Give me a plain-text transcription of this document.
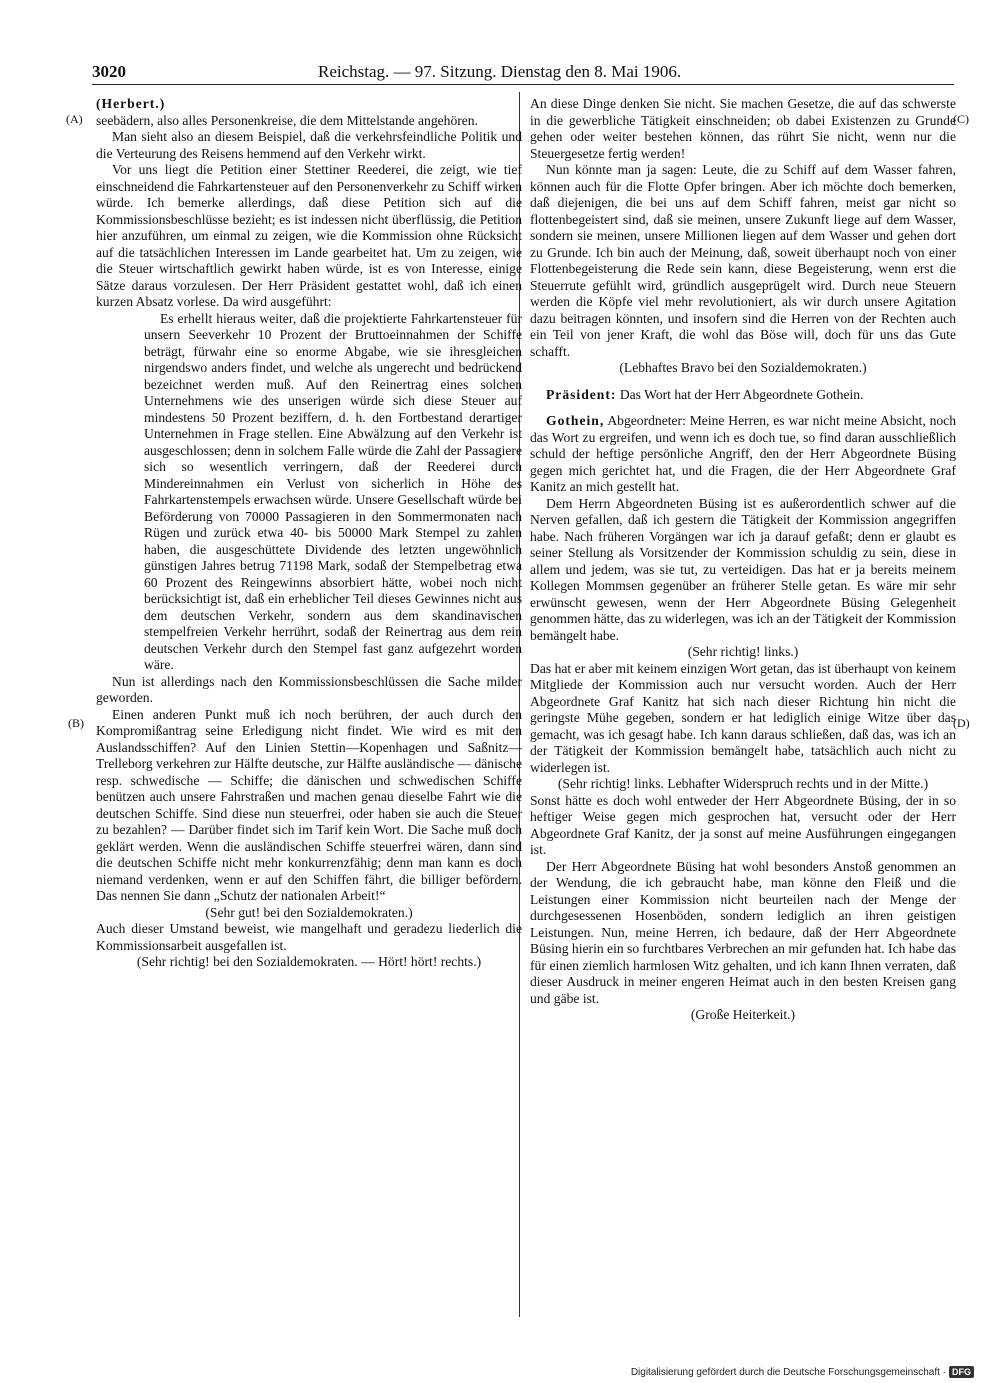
3020	Reichstag. — 97. Sitzung. Dienstag den 8. Mai 1906.
(A)
(B)
(C)
(D)

(Herbert.)

seebädern, also alles Personenkreise, die dem Mittelstande angehören.

Man sieht also an diesem Beispiel, daß die verkehrsfeindliche Politik und die Verteurung des Reisens hemmend auf den Verkehr wirkt.

Vor uns liegt die Petition einer Stettiner Reederei, die zeigt, wie tief einschneidend die Fahrkartensteuer auf den Personenverkehr zu Schiff wirken würde. Ich bemerke allerdings, daß diese Petition sich auf die Kommissionsbeschlüsse bezieht; es ist indessen nicht überflüssig, die Petition hier anzuführen, um einmal zu zeigen, wie die Kommission ohne Rücksicht auf die tatsächlichen Interessen im Lande gearbeitet hat. Um zu zeigen, wie die Steuer wirtschaftlich gewirkt haben würde, ist es von Interesse, einige Sätze daraus vorzulesen. Der Herr Präsident gestattet wohl, daß ich einen kurzen Absatz vorlese. Da wird ausgeführt:

Es erhellt hieraus weiter, daß die projektierte Fahrkartensteuer für unsern Seeverkehr 10 Prozent der Bruttoeinnahmen der Schiffe beträgt, fürwahr eine so enorme Abgabe, wie sie ihresgleichen nirgendswo anders findet, und welche als ungerecht und bedrückend bezeichnet werden muß. Auf den Reinertrag eines solchen Unternehmens wie des unserigen würde sich diese Steuer auf mindestens 50 Prozent beziffern, d. h. den Fortbestand derartiger Unternehmen in Frage stellen. Eine Abwälzung auf den Verkehr ist ausgeschlossen; denn in solchem Falle würde die Zahl der Passagiere sich so wesentlich verringern, daß der Reederei durch Mindereinnahmen ein Verlust von sicherlich in Höhe des Fahrkartenstempels erwachsen würde. Unsere Gesellschaft würde bei Beförderung von 70000 Passagieren in den Sommermonaten nach Rügen und zurück etwa 40- bis 50000 Mark Stempel zu zahlen haben, die ausgeschüttete Dividende des letzten ungewöhnlich günstigen Jahres betrug 71198 Mark, sodaß der Stempelbetrag etwa 60 Prozent des Reingewinns absorbiert hätte, wobei noch nicht berücksichtigt ist, daß ein erheblicher Teil dieses Gewinnes nicht aus dem deutschen Verkehr, sondern aus dem skandinavischen stempelfreien Verkehr herrührt, sodaß der Reinertrag aus dem rein deutschen Verkehr durch den Stempel fast ganz aufgezehrt worden wäre.

Nun ist allerdings nach den Kommissionsbeschlüssen die Sache milder geworden.

Einen anderen Punkt muß ich noch berühren, der auch durch den Kompromißantrag seine Erledigung nicht findet. Wie wird es mit den Auslandsschiffen? Auf den Linien Stettin—Kopenhagen und Saßnitz—Trelleborg verkehren zur Hälfte deutsche, zur Hälfte ausländische — dänische resp. schwedische — Schiffe; die dänischen und schwedischen Schiffe benützen auch unsere Fahrstraßen und machen genau dieselbe Fahrt wie die deutschen Schiffe. Sind diese nun steuerfrei, oder haben sie auch die Steuer zu bezahlen? — Darüber findet sich im Tarif kein Wort. Die Sache muß doch geklärt werden. Wenn die ausländischen Schiffe steuerfrei wären, dann sind die deutschen Schiffe nicht mehr konkurrenzfähig; denn man kann es doch niemand verdenken, wenn er auf den Schiffen fährt, die billiger befördern. Das nennen Sie dann „Schutz der nationalen Arbeit!“

(Sehr gut! bei den Sozialdemokraten.)

Auch dieser Umstand beweist, wie mangelhaft und geradezu liederlich die Kommissionsarbeit ausgefallen ist.

(Sehr richtig! bei den Sozialdemokraten. — Hört! hört! rechts.)

An diese Dinge denken Sie nicht. Sie machen Gesetze, die auf das schwerste in die gewerbliche Tätigkeit einschneiden; ob dabei Existenzen zu Grunde gehen oder weiter bestehen können, das rührt Sie nicht, wenn nur die Steuergesetze fertig werden!

Nun könnte man ja sagen: Leute, die zu Schiff auf dem Wasser fahren, können auch für die Flotte Opfer bringen. Aber ich möchte doch bemerken, daß diejenigen, die bei uns auf dem Schiff fahren, meist gar nicht so flottenbegeistert sind, daß sie meinen, unsere Zukunft liege auf dem Wasser, sondern sie meinen, unsere Millionen liegen auf dem Wasser und gehen dort zu Grunde. Ich bin auch der Meinung, daß, soweit überhaupt noch von einer Flottenbegeisterung die Rede sein kann, diese Begeisterung, wenn erst die Steuerrute gefühlt wird, gründlich ausgeprügelt wird. Durch neue Steuern werden die Köpfe viel mehr revolutioniert, als wir durch unsere Agitation dazu beitragen könnten, und insofern sind die Herren von der Rechten auch ein Teil von jener Kraft, die wohl das Böse will, doch für uns das Gute schafft.

(Lebhaftes Bravo bei den Sozialdemokraten.)

Präsident: Das Wort hat der Herr Abgeordnete Gothein.

Gothein, Abgeordneter: Meine Herren, es war nicht meine Absicht, noch das Wort zu ergreifen, und wenn ich es doch tue, so find daran ausschließlich schuld der heftige persönliche Angriff, den der Herr Abgeordnete Büsing gegen mich gerichtet hat, und die Fragen, die der Herr Abgeordnete Graf Kanitz an mich gestellt hat.

Dem Herrn Abgeordneten Büsing ist es außerordentlich schwer auf die Nerven gefallen, daß ich gestern die Tätigkeit der Kommission angegriffen habe. Nach früheren Vorgängen war ich ja darauf gefaßt; denn er glaubt es seiner Stellung als Vorsitzender der Kommission schuldig zu sein, diese in allem und jedem, was sie tut, zu verteidigen. Das hat er ja bereits meinem Kollegen Mommsen gegenüber an früherer Stelle getan. Es wäre mir sehr erwünscht gewesen, wenn der Herr Abgeordnete Büsing Gelegenheit genommen hätte, das zu widerlegen, was ich an der Tätigkeit der Kommission bemängelt habe.

(Sehr richtig! links.)

Das hat er aber mit keinem einzigen Wort getan, das ist überhaupt von keinem Mitgliede der Kommission auch nur versucht worden. Auch der Herr Abgeordnete Graf Kanitz hat sich nach dieser Richtung hin nicht die geringste Mühe gegeben, sondern er hat lediglich einige Witze über das gemacht, was ich gesagt habe. Ich kann daraus schließen, daß das, was ich an der Tätigkeit der Kommission bemängelt habe, tatsächlich auch nicht zu widerlegen ist.

(Sehr richtig! links. Lebhafter Widerspruch rechts und in der Mitte.)

Sonst hätte es doch wohl entweder der Herr Abgeordnete Büsing, der in so heftiger Weise gegen mich gesprochen hat, versucht oder der Herr Abgeordnete Graf Kanitz, der ja sonst auf meine Ausführungen eingegangen ist.

Der Herr Abgeordnete Büsing hat wohl besonders Anstoß genommen an der Wendung, die ich gebraucht habe, man könne den Fleiß und die Leistungen einer Kommission nicht beurteilen nach der Menge der durchgesessenen Hosenböden, sondern lediglich an ihren geistigen Leistungen. Nun, meine Herren, ich bedaure, daß der Herr Abgeordnete Büsing hierin ein so furchtbares Verbrechen an mir gefunden hat. Ich habe das für einen ziemlich harmlosen Witz gehalten, und ich kann Ihnen verraten, daß dieser Ausdruck in meiner engeren Heimat auch in den besten Kreisen gang und gäbe ist.

(Große Heiterkeit.)

Digitalisierung gefördert durch die Deutsche Forschungsgemeinschaft · DFG
